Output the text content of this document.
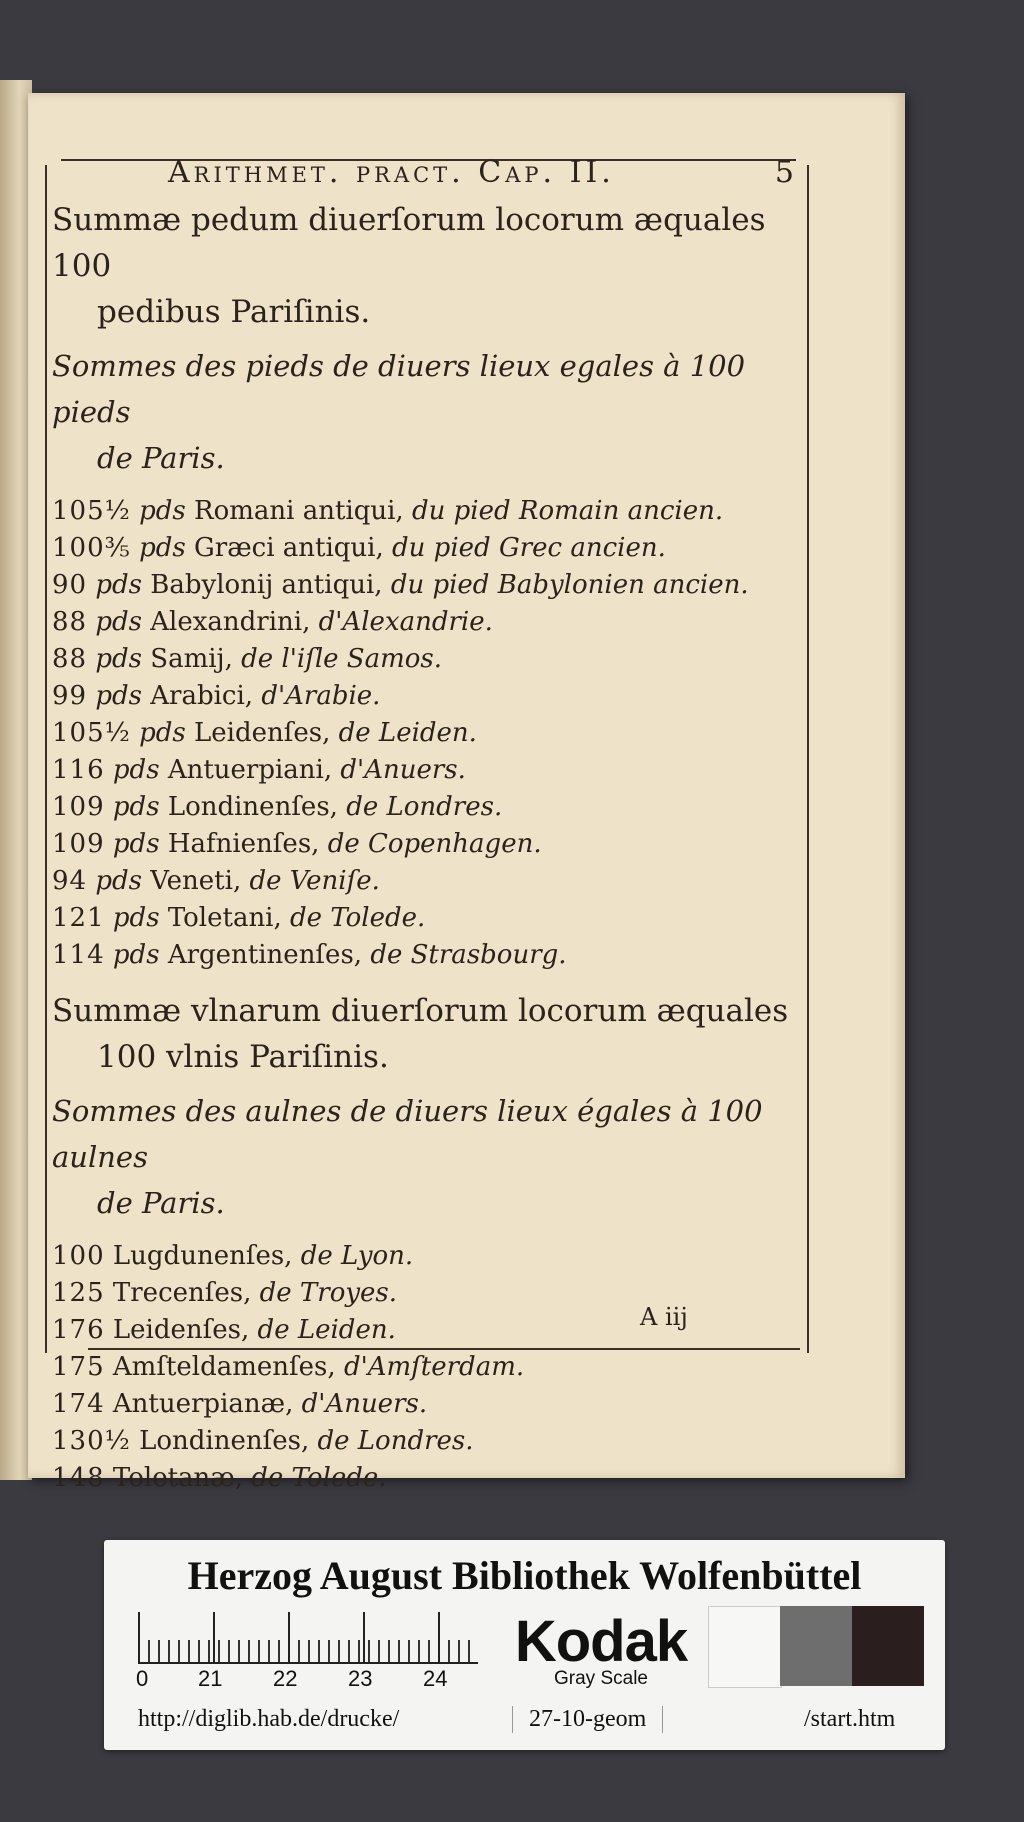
Arithmet. pract. Cap. II.	5

Summæ pedum diuerſorum locorum æquales 100
pedibus Pariſinis.

Sommes des pieds de diuers lieux egales à 100 pieds
de Paris.

105½ pds Romani antiqui, du pied Romain ancien.
100⅗ pds Græci antiqui, du pied Grec ancien.
90 pds Babylonij antiqui, du pied Babylonien ancien.
88 pds Alexandrini, d'Alexandrie.
88 pds Samij, de l'iſle Samos.
99 pds Arabici, d'Arabie.
105½ pds Leidenſes, de Leiden.
116 pds Antuerpiani, d'Anuers.
109 pds Londinenſes, de Londres.
109 pds Hafnienſes, de Copenhagen.
94 pds Veneti, de Veniſe.
121 pds Toletani, de Tolede.
114 pds Argentinenſes, de Strasbourg.

Summæ vlnarum diuerſorum locorum æquales
100 vlnis Pariſinis.

Sommes des aulnes de diuers lieux égales à 100 aulnes
de Paris.

100 Lugdunenſes, de Lyon.
125 Trecenſes, de Troyes.
176 Leidenſes, de Leiden.
175 Amſteldamenſes, d'Amſterdam.
174 Antuerpianæ, d'Anuers.
130½ Londinenſes, de Londres.
148 Toletanæ, de Tolede.
A iij
Herzog August Bibliothek Wolfenbüttel
0 21 22 23 24
Kodak
Gray Scale
http://diglib.hab.de/drucke/	27-10-geom	/start.htm
